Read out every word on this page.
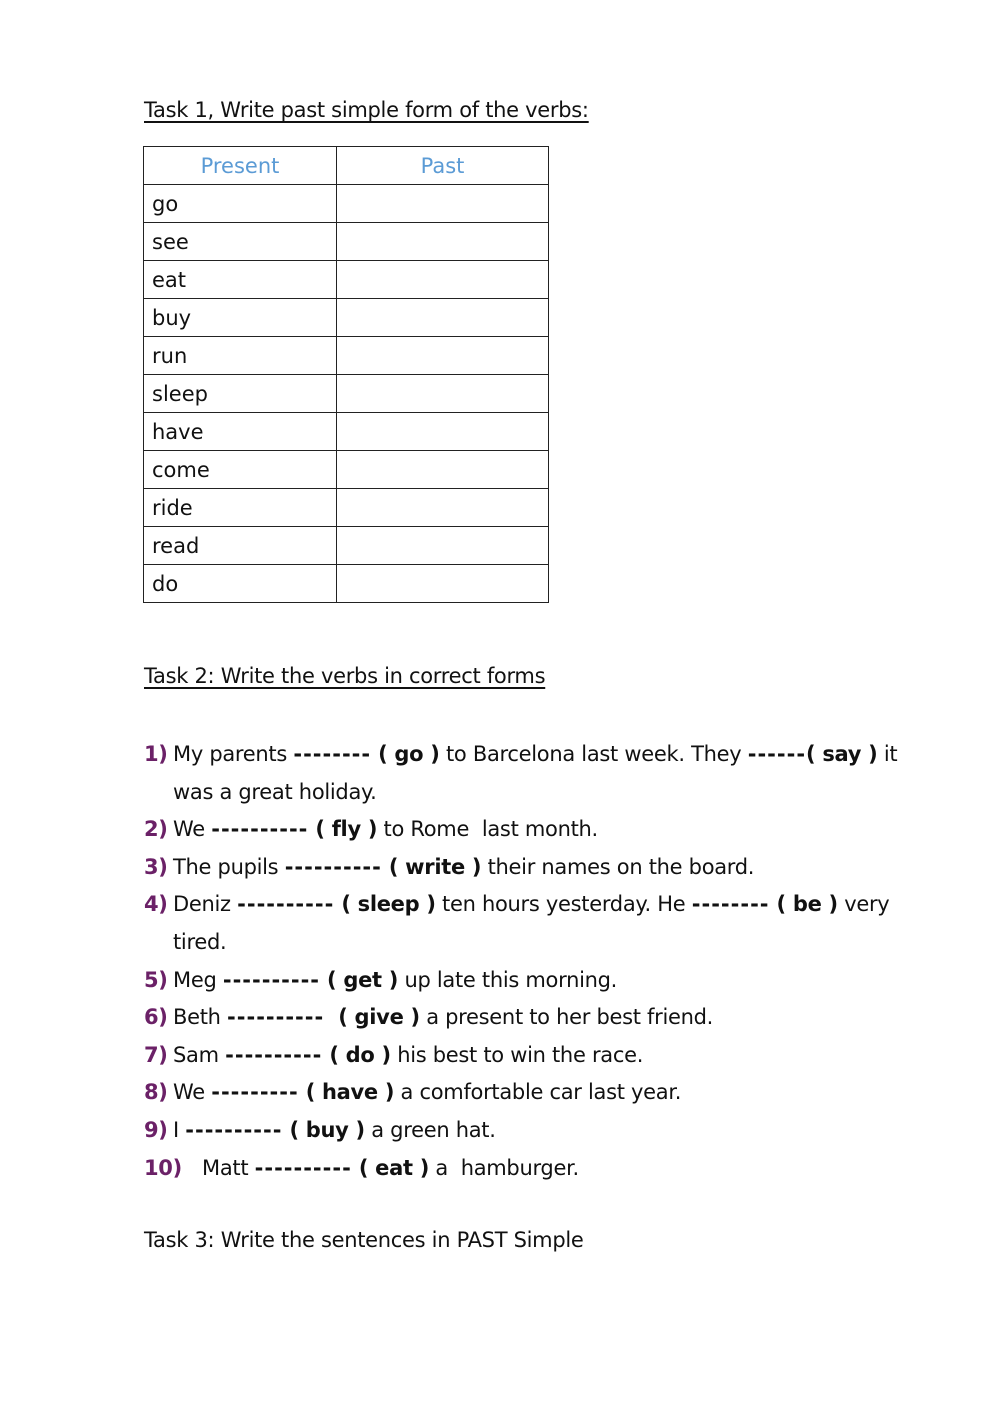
Task 1, Write past simple form of the verbs:
Present	Past
go	
see	
eat	
buy	
run	
sleep	
have	
come	
ride	
read	
do	
Task 2: Write the verbs in correct forms
1) My parents -------- ( go ) to Barcelona last week. They ------( say ) it was a great holiday.
2) We ---------- ( fly ) to Rome  last month.
3) The pupils ---------- ( write ) their names on the board.
4) Deniz ---------- ( sleep ) ten hours yesterday. He -------- ( be ) very tired.
5) Meg ---------- ( get ) up late this morning.
6) Beth ----------  ( give ) a present to her best friend.
7) Sam ---------- ( do ) his best to win the race.
8) We --------- ( have ) a comfortable car last year.
9) I ---------- ( buy ) a green hat.
10) Matt ---------- ( eat ) a  hamburger.
Task 3: Write the sentences in PAST Simple
